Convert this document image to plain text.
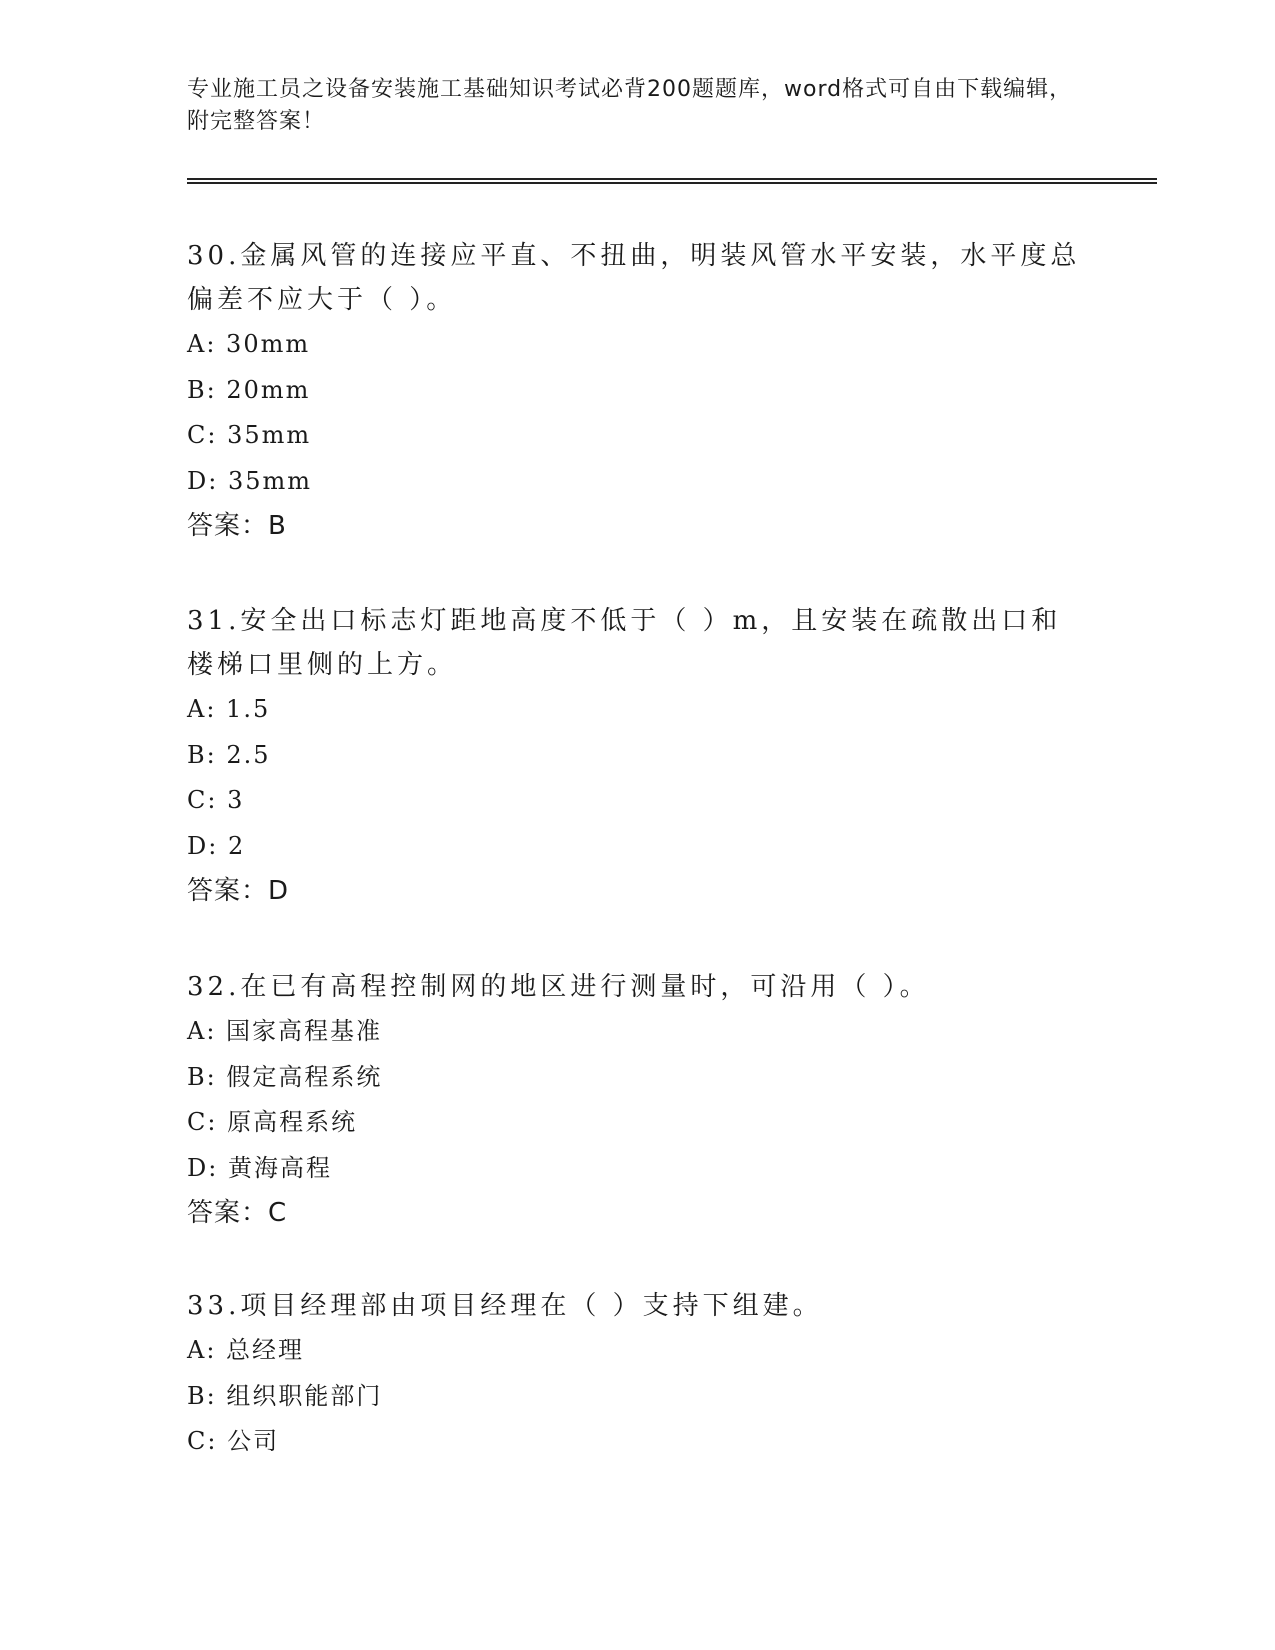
专业施工员之设备安装施工基础知识考试必背200题题库，word格式可自由下载编辑，附完整答案！

30.金属风管的连接应平直、不扭曲，明装风管水平安装，水平度总偏差不应大于（ ）。

A: 30mm

B: 20mm

C: 35mm

D: 35mm

答案：B

31.安全出口标志灯距地高度不低于（ ）m，且安装在疏散出口和楼梯口里侧的上方。

A: 1.5

B: 2.5

C: 3

D: 2

答案：D

32.在已有高程控制网的地区进行测量时，可沿用（ ）。

A: 国家高程基准

B: 假定高程系统

C: 原高程系统

D: 黄海高程

答案：C

33.项目经理部由项目经理在（ ）支持下组建。

A: 总经理

B: 组织职能部门

C: 公司
